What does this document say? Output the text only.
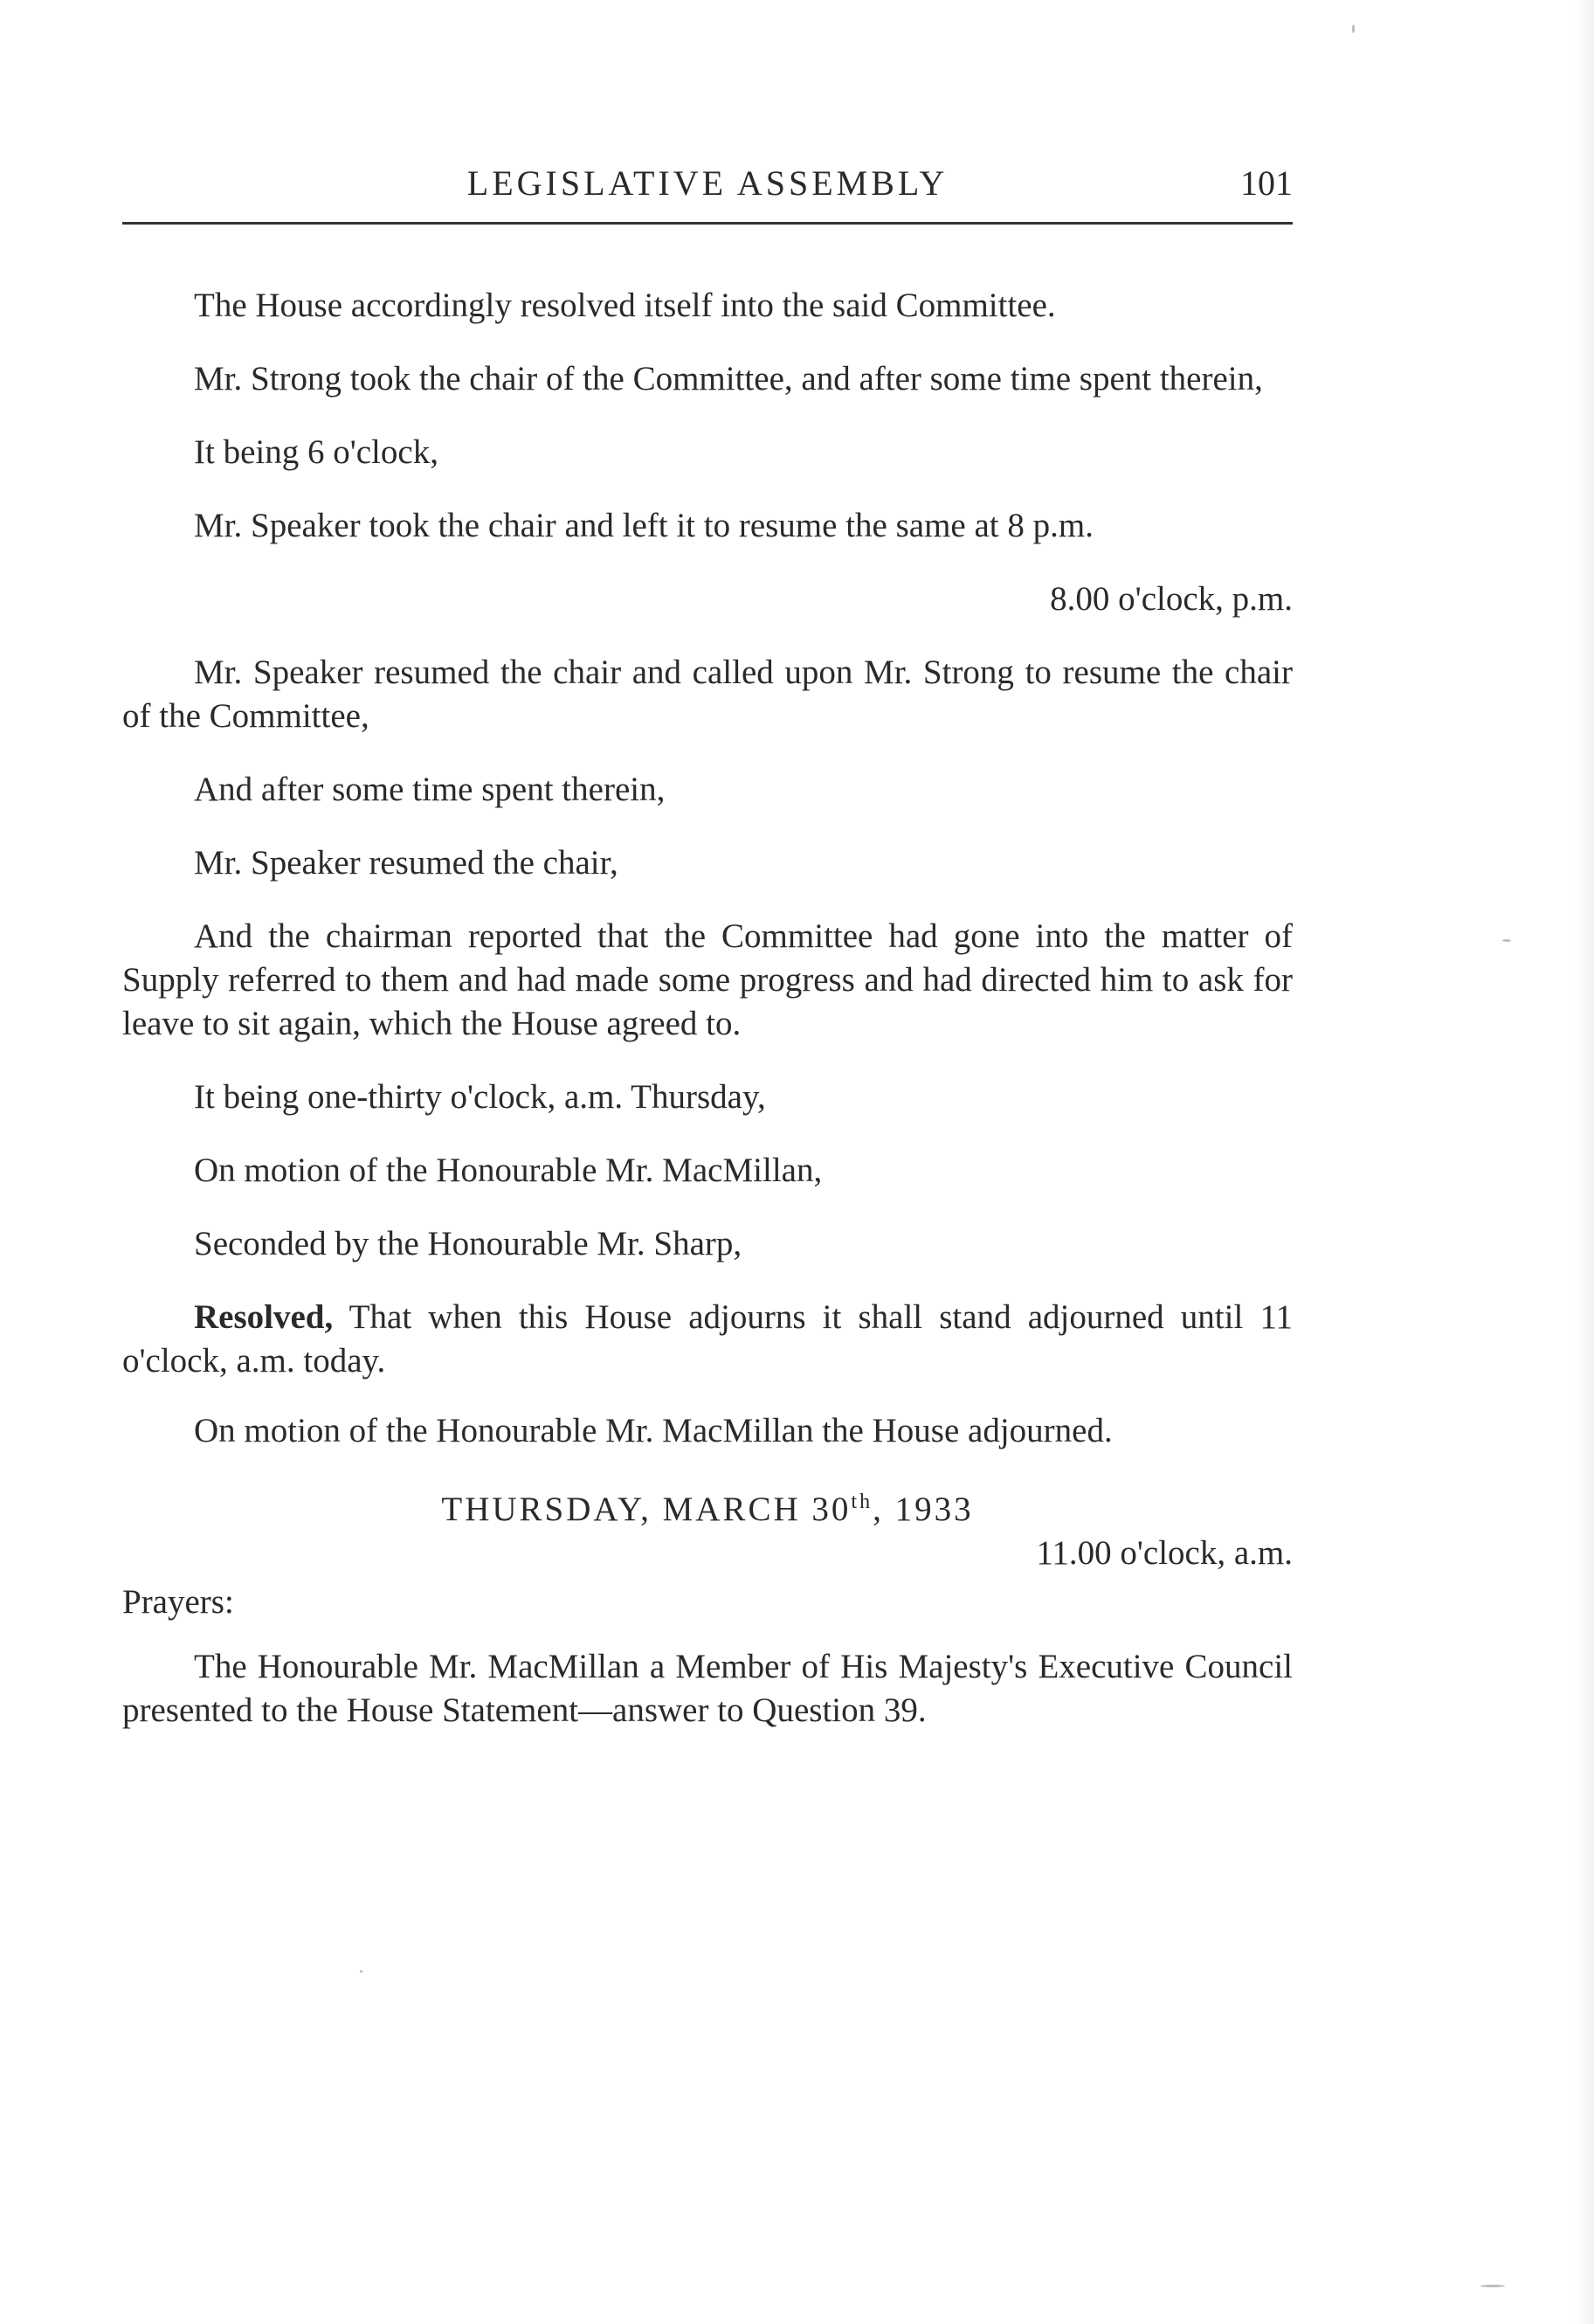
LEGISLATIVE ASSEMBLY	101

The House accordingly resolved itself into the said Committee.

Mr. Strong took the chair of the Committee, and after some time spent therein,

It being 6 o'clock,

Mr. Speaker took the chair and left it to resume the same at 8 p.m.

8.00 o'clock, p.m.

Mr. Speaker resumed the chair and called upon Mr. Strong to resume the chair of the Committee,

And after some time spent therein,

Mr. Speaker resumed the chair,

And the chairman reported that the Committee had gone into the matter of Supply referred to them and had made some progress and had directed him to ask for leave to sit again, which the House agreed to.

It being one-thirty o'clock, a.m. Thursday,

On motion of the Honourable Mr. MacMillan,

Seconded by the Honourable Mr. Sharp,

Resolved, That when this House adjourns it shall stand adjourned until 11 o'clock, a.m. today.

On motion of the Honourable Mr. MacMillan the House adjourned.

THURSDAY, MARCH 30th, 1933

11.00 o'clock, a.m.

Prayers:

The Honourable Mr. MacMillan a Member of His Majesty's Executive Council presented to the House Statement—answer to Question 39.
